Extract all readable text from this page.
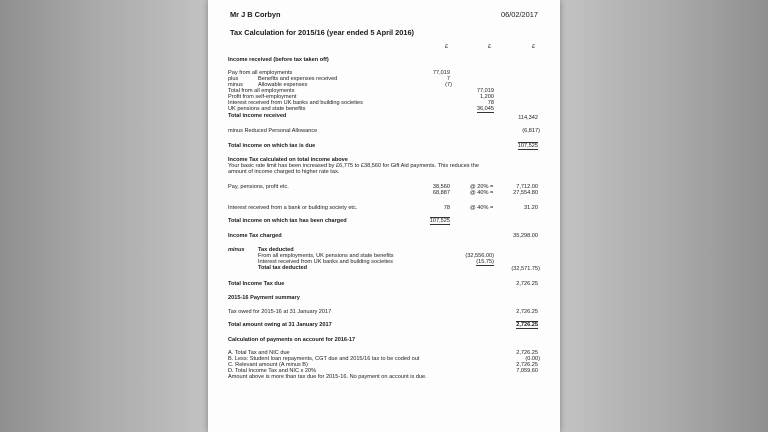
Mr J B Corbyn	06/02/2017
Tax Calculation for 2015/16 (year ended 5 April 2016)
£	£	£
Income received (before tax taken off)
Pay from all employments	77,019
plus	Benefits and expenses received	7
minus	Allowable expenses	(7)
Total from all employments	77,019
Profit from self-employment	1,200
Interest received from UK banks and building societies	78
UK pensions and state benefits	36,045
Total income received	114,342
minus Reduced Personal Allowance	(6,817)
Total income on which tax is due	107,525
Income Tax calculated on total income above
Your basic rate limit has been increased by £6,775 to £38,560 for Gift Aid payments. This reduces the
amount of income charged to higher rate tax.
Pay, pensions, profit etc.	38,560	@ 20% =	7,712.00
68,887	@ 40% =	27,554.80
Interest received from a bank or building society etc.	78	@ 40% =	31.20
Total income on which tax has been charged	107,525
Income Tax charged	35,298.00
minus Tax deducted
From all employments, UK pensions and state benefits	(32,556.00)
Interest received from UK banks and building societies	(15.75)
Total tax deducted	(32,571.75)
Total Income Tax due	2,726.25
2015-16 Payment summary
Tax owed for 2015-16 at 31 January 2017	2,726.25
Total amount owing at 31 January 2017	2,726.25
Calculation of payments on account for 2016-17
A. Total Tax and NIC due	2,726.25
B. Less: Student loan repayments, CGT due and 2015/16 tax to be coded out	(0.00)
C. Relevant amount (A minus B)	2,726.25
D. Total Income Tax and NIC x 20%	7,059.60
Amount above is more than tax due for 2015-16. No payment on account is due.
